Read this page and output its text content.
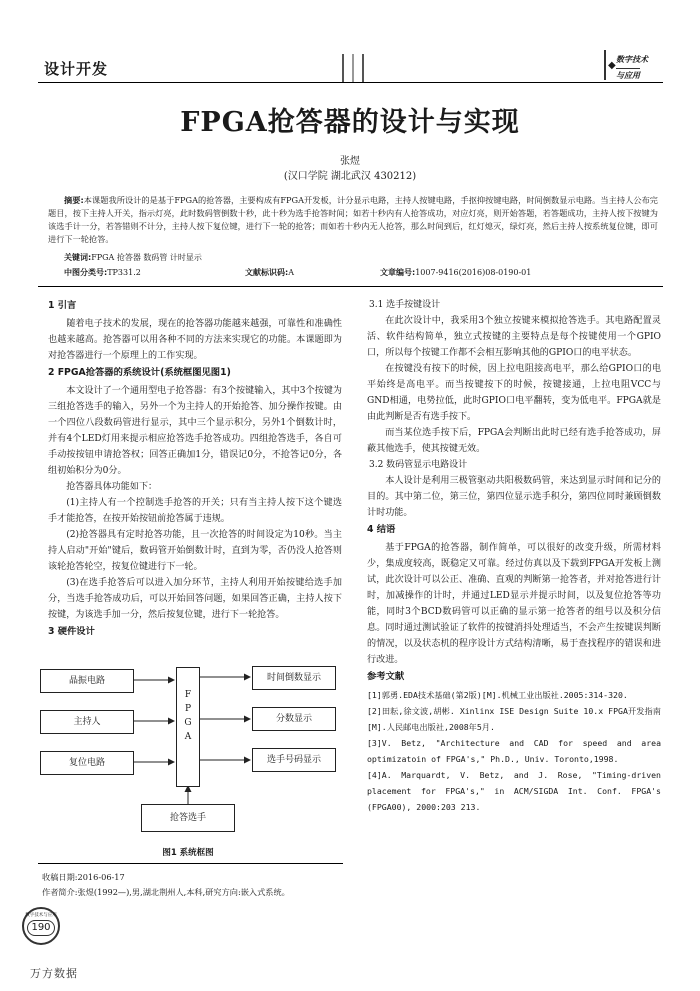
设计开发	◆
数字技术
与应用
FPGA抢答器的设计与实现
张煜
(汉口学院 湖北武汉 430212)
摘要:本课题我所设计的是基于FPGA的抢答器，主要构成有FPGA开发板，计分显示电路，主持人按键电路，手抠抑按键电路，时间倒数显示电路。当主持人公布完题目，按下主持人开关，指示灯亮，此时数码管倒数十秒，此十秒为选手抢答时间；如若十秒内有人抢答成功，对应灯亮，则开始答题，若答题成功，主持人按下按键为该选手计一分，若答错则不计分，主持人按下复位键，进行下一轮的抢答；而如若十秒内无人抢答，那么时间到后，红灯熄灭，绿灯亮，然后主持人按系统复位键，即可进行下一轮抢答。
关键词:FPGA 抢答器 数码管 计时显示
中图分类号:TP331.2	文献标识码:A	文章编号:1007-9416(2016)08-0190-01
1 引言

随着电子技术的发展，现在的抢答器功能越来越强，可靠性和准确性也越来越高。抢答器可以用各种不同的方法来实现它的功能。本课题即为对抢答器进行一个原理上的工作实现。

2 FPGA抢答器的系统设计(系统框图见图1)

本文设计了一个通用型电子抢答器：有3个按键输入，其中3个按键为三组抢答选手的输入，另外一个为主持人的开始抢答、加分操作按键。由一个四位八段数码管进行显示，其中三个显示积分，另外1个倒数计时，并有4个LED灯用来提示相应抢答选手抢答成功。四组抢答选手，各自可手动按按钮申请抢答权；回答正确加1分，错误记0分，不抢答记0分，各组初始积分为0分。

抢答器具体功能如下：

(1)主持人有一个控制选手抢答的开关；只有当主持人按下这个键选手才能抢答，在按开始按钮前抢答属于违规。

(2)抢答器具有定时抢答功能，且一次抢答的时间设定为10秒。当主持人启动"开始"键后，数码管开始倒数计时，直到为零，否仍没人抢答则该轮抢答轮空，按复位键进行下一轮。

(3)在选手抢答后可以进入加分环节，主持人利用开始按键给选手加分，当选手抢答成功后，可以开始回答问题，如果回答正确，主持人按下按键，为该选手加一分，然后按复位键，进行下一轮抢答。

3 硬件设计
晶振电路
主持人
复位电路
F
P
G
A
时间倒数显示
分数显示
选手号码显示
抢答选手
图1 系统框图
3.1 选手按键设计

在此次设计中，我采用3个独立按键来模拟抢答选手。其电路配置灵活、软件结构简单，独立式按键的主要特点是每个按键使用一个GPIO口，所以每个按键工作都不会相互影响其他的GPIO口的电平状态。

在按键没有按下的时候，因上拉电阻接高电平，那么给GPIO口的电平始终是高电平。而当按键按下的时候，按键接通，上拉电阻VCC与GND相通，电势拉低，此时GPIO口电平翻转，变为低电平。FPGA就是由此判断是否有选手按下。

而当某位选手按下后，FPGA会判断出此时已经有选手抢答成功，屏蔽其他选手，使其按键无效。

3.2 数码管显示电路设计

本人设计是利用三极管驱动共阳极数码管，来达到显示时间和记分的目的。其中第二位，第三位，第四位显示选手积分，第四位同时兼顾倒数计时功能。

4 结语

基于FPGA的抢答器，制作简单，可以很好的改变升级，所需材料少，集成度较高，既稳定又可靠。经过仿真以及下载到FPGA开发板上测试，此次设计可以公正、准确、直观的判断第一抢答者，并对抢答进行计时，加减操作的计时，并通过LED显示并提示时间，以及复位抢答等功能，同时3个BCD数码管可以正确的显示第一抢答者的组号以及积分信息。同时通过测试验证了软件的按键消抖处理适当，不会产生按键误判断的情况，以及状态机的程序设计方式结构清晰，易于查找程序的错误和进行改进。

参考文献
[1]郭勇.EDA技术基础(第2版)[M].机械工业出版社.2005:314-320.
[2]田耘,徐文波,胡彬. Xinlinx ISE Design Suite 10.x FPGA开发指南[M].人民邮电出版社,2008年5月.
[3]V. Betz, "Architecture and CAD for speed and area optimizatoin of FPGA's," Ph.D., Univ. Toronto,1998.
[4]A. Marquardt, V. Betz, and J. Rose, "Timing-driven placement for FPGA's," in ACM/SIGDA Int. Conf. FPGA's (FPGA00), 2000:203 213.
收稿日期:2016-06-17
作者简介:张煜(1992—),男,湖北荆州人,本科,研究方向:嵌入式系统。
数字技术与应用
190
万方数据
